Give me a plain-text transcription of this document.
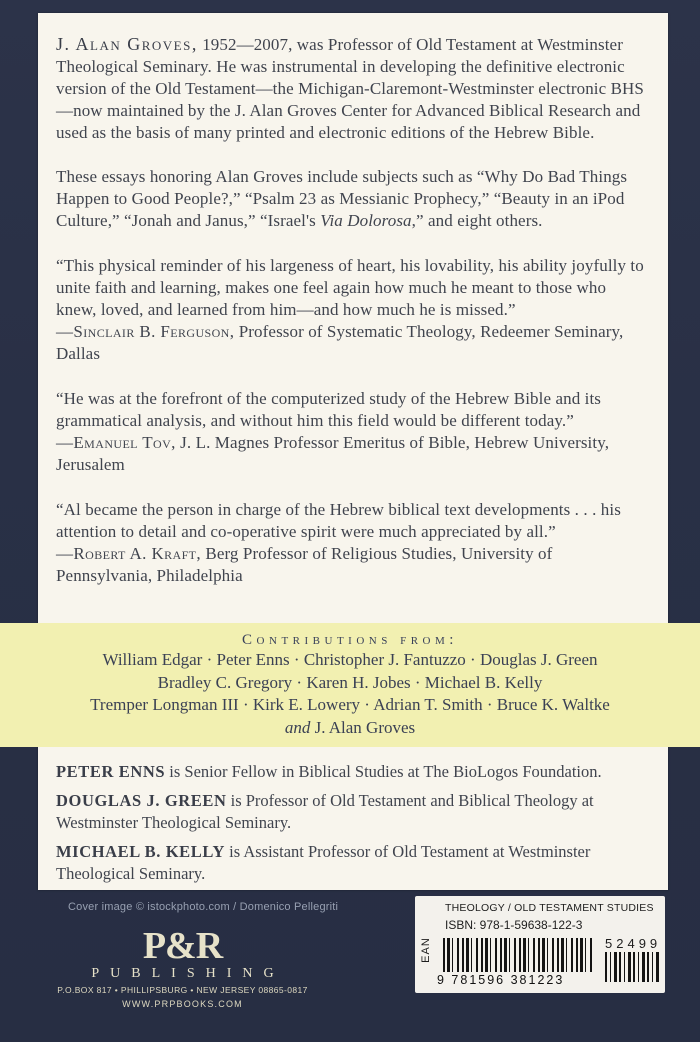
J. Alan Groves, 1952—2007, was Professor of Old Testament at Westminster Theological Seminary. He was instrumental in developing the definitive electronic version of the Old Testament—the Michigan-Claremont-Westminster electronic BHS—now maintained by the J. Alan Groves Center for Advanced Biblical Research and used as the basis of many printed and electronic editions of the Hebrew Bible.

These essays honoring Alan Groves include subjects such as “Why Do Bad Things Happen to Good People?,” “Psalm 23 as Messianic Prophecy,” “Beauty in an iPod Culture,” “Jonah and Janus,” “Israel's Via Dolorosa,” and eight others.

“This physical reminder of his largeness of heart, his lovability, his ability joyfully to unite faith and learning, makes one feel again how much he meant to those who knew, loved, and learned from him—and how much he is missed.”
—Sinclair B. Ferguson, Professor of Systematic Theology, Redeemer Seminary, Dallas

“He was at the forefront of the computerized study of the Hebrew Bible and its grammatical analysis, and without him this field would be different today.”
—Emanuel Tov, J. L. Magnes Professor Emeritus of Bible, Hebrew University, Jerusalem

“Al became the person in charge of the Hebrew biblical text developments . . . his attention to detail and co-operative spirit were much appreciated by all.”
—Robert A. Kraft, Berg Professor of Religious Studies, University of Pennsylvania, Philadelphia

PETER ENNS is Senior Fellow in Biblical Studies at The BioLogos Foundation.

DOUGLAS J. GREEN is Professor of Old Testament and Biblical Theology at Westminster Theological Seminary.

MICHAEL B. KELLY is Assistant Professor of Old Testament at Westminster Theological Seminary.

Contributions from:
William Edgar · Peter Enns · Christopher J. Fantuzzo · Douglas J. Green
Bradley C. Gregory · Karen H. Jobes · Michael B. Kelly
Tremper Longman III · Kirk E. Lowery · Adrian T. Smith · Bruce K. Waltke
and J. Alan Groves
Cover image © istockphoto.com / Domenico Pellegriti
P&R
PUBLISHING
P.O.BOX 817 • PHILLIPSBURG • NEW JERSEY 08865-0817
WWW.PRPBOOKS.COM
THEOLOGY / OLD TESTAMENT STUDIES
ISBN: 978-1-59638-122-3
EAN
9 781596 381223
52499
